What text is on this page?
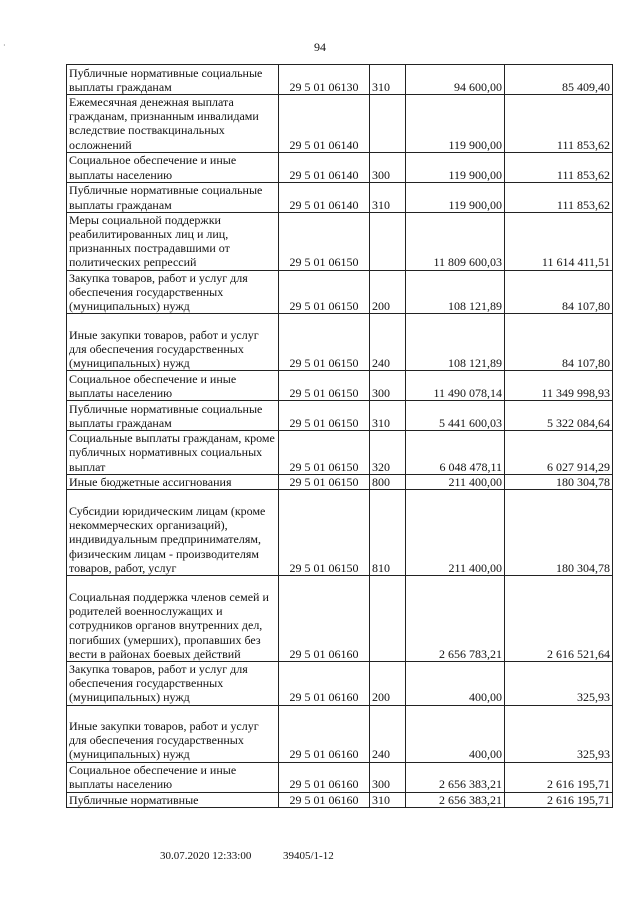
·	94
Публичные нормативные социальные выплаты гражданам	29 5 01 06130	310	94 600,00	85 409,40
Ежемесячная денежная выплата гражданам, признанным инвалидами вследствие поствакцинальных осложнений	29 5 01 06140		119 900,00	111 853,62
Социальное обеспечение и иные выплаты населению	29 5 01 06140	300	119 900,00	111 853,62
Публичные нормативные социальные выплаты гражданам	29 5 01 06140	310	119 900,00	111 853,62
Меры социальной поддержки реабилитированных лиц и лиц, признанных пострадавшими от политических репрессий	29 5 01 06150		11 809 600,03	11 614 411,51
Закупка товаров, работ и услуг для обеспечения государственных (муниципальных) нужд	29 5 01 06150	200	108 121,89	84 107,80
Иные закупки товаров, работ и услуг для обеспечения государственных (муниципальных) нужд	29 5 01 06150	240	108 121,89	84 107,80
Социальное обеспечение и иные выплаты населению	29 5 01 06150	300	11 490 078,14	11 349 998,93
Публичные нормативные социальные выплаты гражданам	29 5 01 06150	310	5 441 600,03	5 322 084,64
Социальные выплаты гражданам, кроме публичных нормативных социальных выплат	29 5 01 06150	320	6 048 478,11	6 027 914,29
Иные бюджетные ассигнования	29 5 01 06150	800	211 400,00	180 304,78
Субсидии юридическим лицам (кроме некоммерческих организаций), индивидуальным предпринимателям, физическим лицам - производителям товаров, работ, услуг	29 5 01 06150	810	211 400,00	180 304,78
Социальная поддержка членов семей и родителей военнослужащих и сотрудников органов внутренних дел, погибших (умерших), пропавших без вести в районах боевых действий	29 5 01 06160		2 656 783,21	2 616 521,64
Закупка товаров, работ и услуг для обеспечения государственных (муниципальных) нужд	29 5 01 06160	200	400,00	325,93
Иные закупки товаров, работ и услуг для обеспечения государственных (муниципальных) нужд	29 5 01 06160	240	400,00	325,93
Социальное обеспечение и иные выплаты населению	29 5 01 06160	300	2 656 383,21	2 616 195,71
Публичные нормативные	29 5 01 06160	310	2 656 383,21	2 616 195,71
30.07.2020 12:33:00	39405/1-12
